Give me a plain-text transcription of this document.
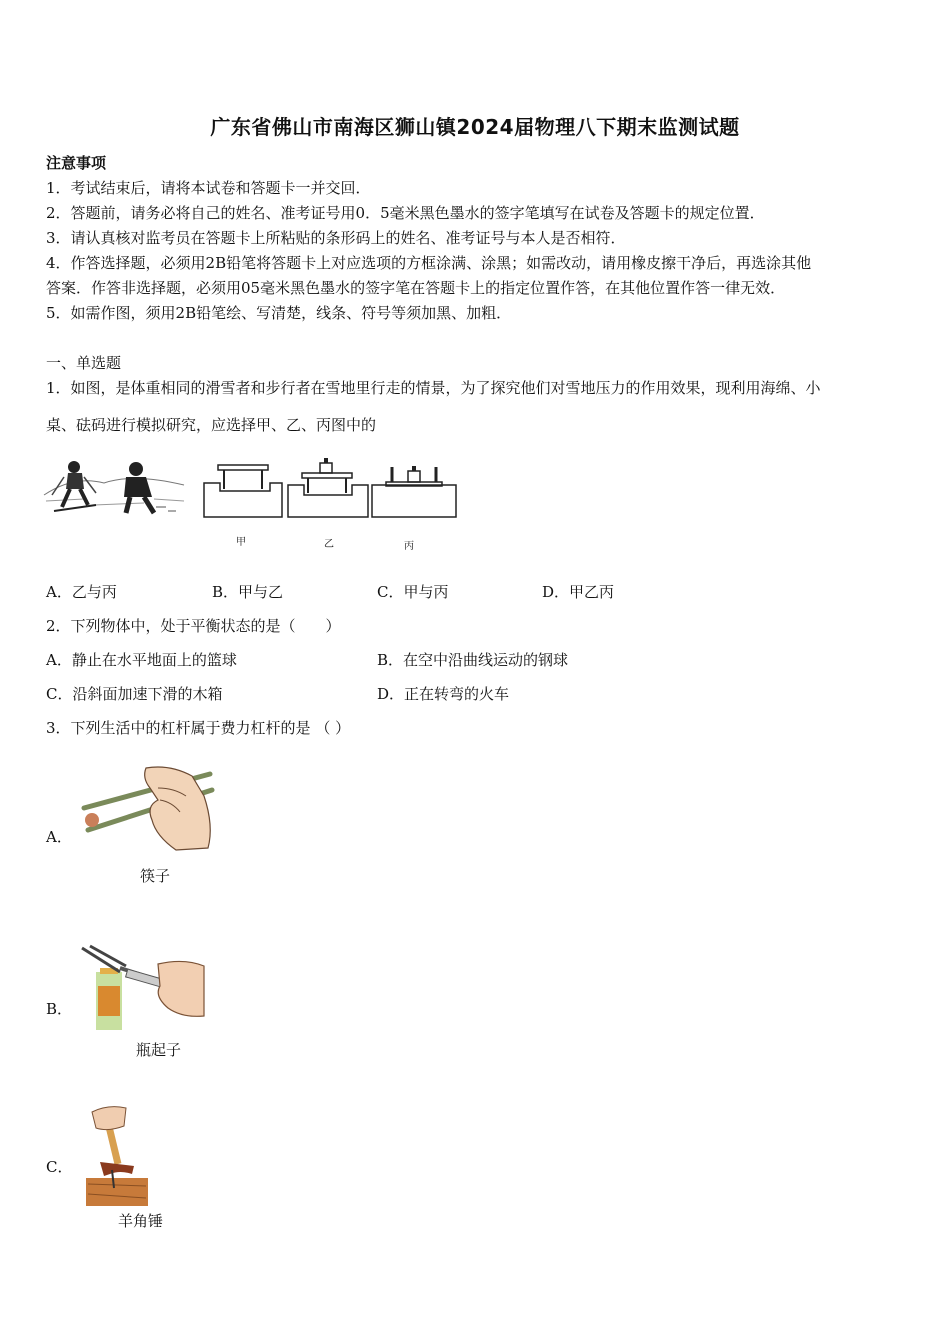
广东省佛山市南海区狮山镇2024届物理八下期末监测试题
注意事项
1．考试结束后，请将本试卷和答题卡一并交回．
2．答题前，请务必将自己的姓名、准考证号用0．5毫米黑色墨水的签字笔填写在试卷及答题卡的规定位置．
3．请认真核对监考员在答题卡上所粘贴的条形码上的姓名、准考证号与本人是否相符．
4．作答选择题，必须用2B铅笔将答题卡上对应选项的方框涂满、涂黑；如需改动，请用橡皮擦干净后，再选涂其他
答案．作答非选择题，必须用05毫米黑色墨水的签字笔在答题卡上的指定位置作答，在其他位置作答一律无效．
5．如需作图，须用2B铅笔绘、写清楚，线条、符号等须加黑、加粗．
一、单选题
1．如图，是体重相同的滑雪者和步行者在雪地里行走的情景，为了探究他们对雪地压力的作用效果，现利用海绵、小
桌、砝码进行模拟研究，应选择甲、乙、丙图中的
甲	乙	丙
A．乙与丙	B．甲与乙	C．甲与丙	D．甲乙丙
2．下列物体中，处于平衡状态的是（　　）
A．静止在水平地面上的篮球	B．在空中沿曲线运动的钢球
C．沿斜面加速下滑的木箱	D．正在转弯的火车
3．下列生活中的杠杆属于费力杠杆的是 （ ）
A．
筷子
B．
瓶起子
C．
羊角锤
